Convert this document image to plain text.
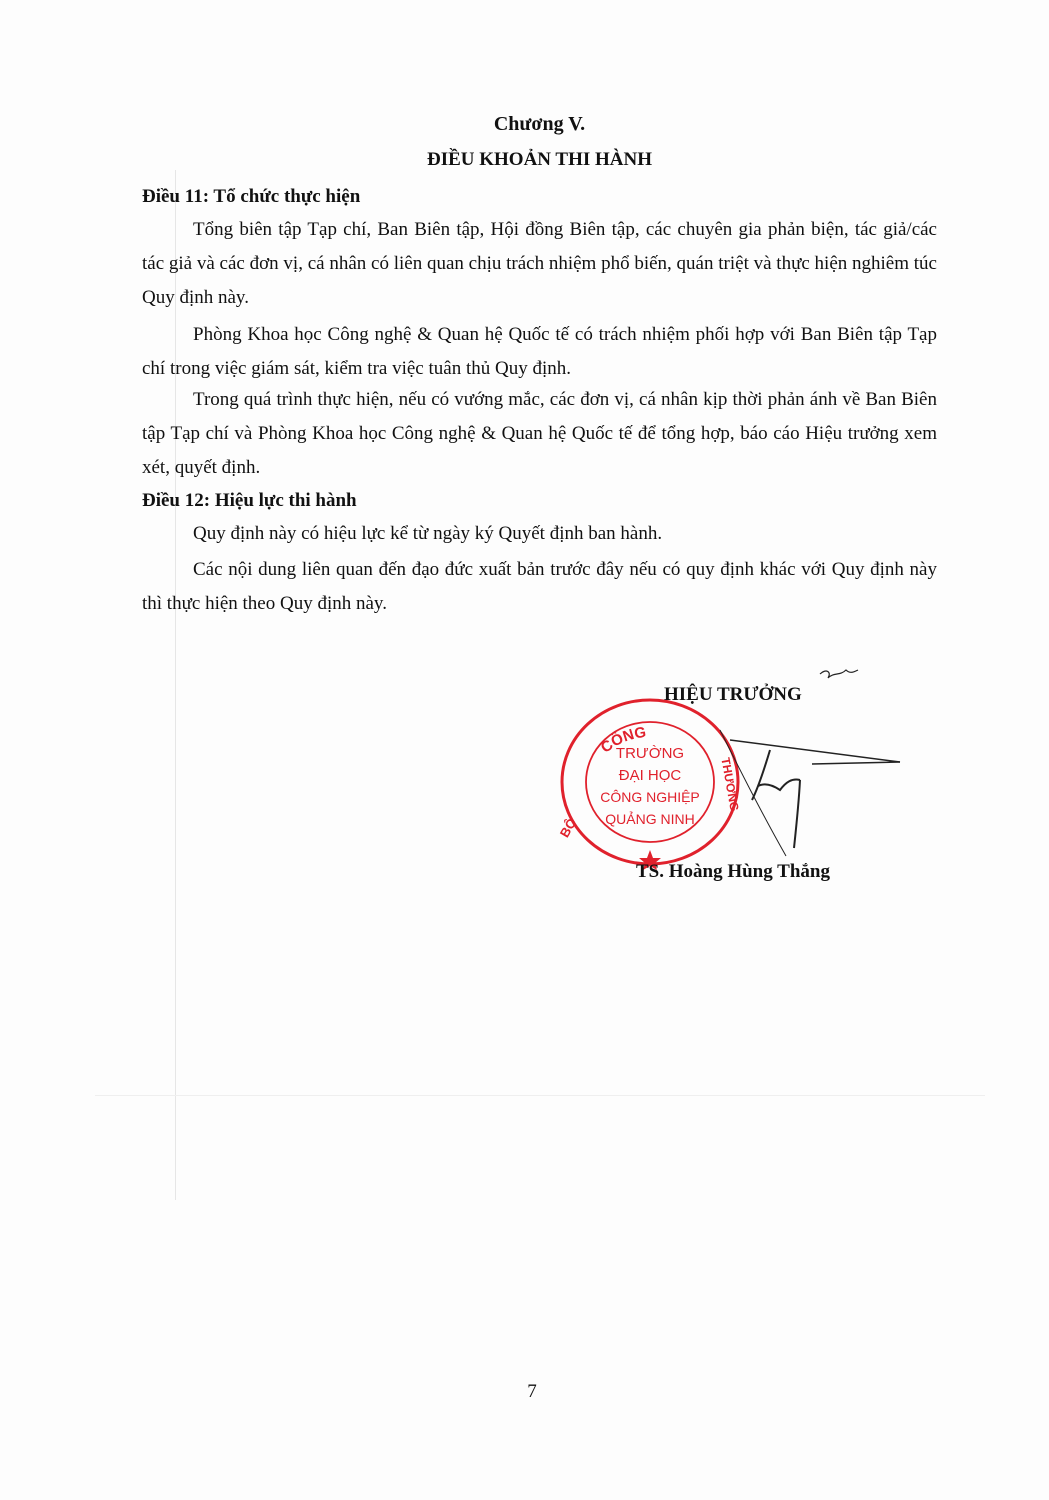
Chương V.
ĐIỀU KHOẢN THI HÀNH
Điều 11: Tổ chức thực hiện
Tổng biên tập Tạp chí, Ban Biên tập, Hội đồng Biên tập, các chuyên gia phản biện, tác giả/các tác giả và các đơn vị, cá nhân có liên quan chịu trách nhiệm phổ biến, quán triệt và thực hiện nghiêm túc Quy định này.
Phòng Khoa học Công nghệ & Quan hệ Quốc tế có trách nhiệm phối hợp với Ban Biên tập Tạp chí trong việc giám sát, kiểm tra việc tuân thủ Quy định.
Trong quá trình thực hiện, nếu có vướng mắc, các đơn vị, cá nhân kịp thời phản ánh về Ban Biên tập Tạp chí và Phòng Khoa học Công nghệ & Quan hệ Quốc tế để tổng hợp, báo cáo Hiệu trưởng xem xét, quyết định.
Điều 12: Hiệu lực thi hành
Quy định này có hiệu lực kể từ ngày ký Quyết định ban hành.
Các nội dung liên quan đến đạo đức xuất bản trước đây nếu có quy định khác với Quy định này thì thực hiện theo Quy định này.
CÔNG
THƯƠNG
BỘ
TRƯỜNG
ĐẠI HỌC
CÔNG NGHIỆP
QUẢNG NINH
HIỆU TRƯỞNG
TS. Hoàng Hùng Thắng
7
